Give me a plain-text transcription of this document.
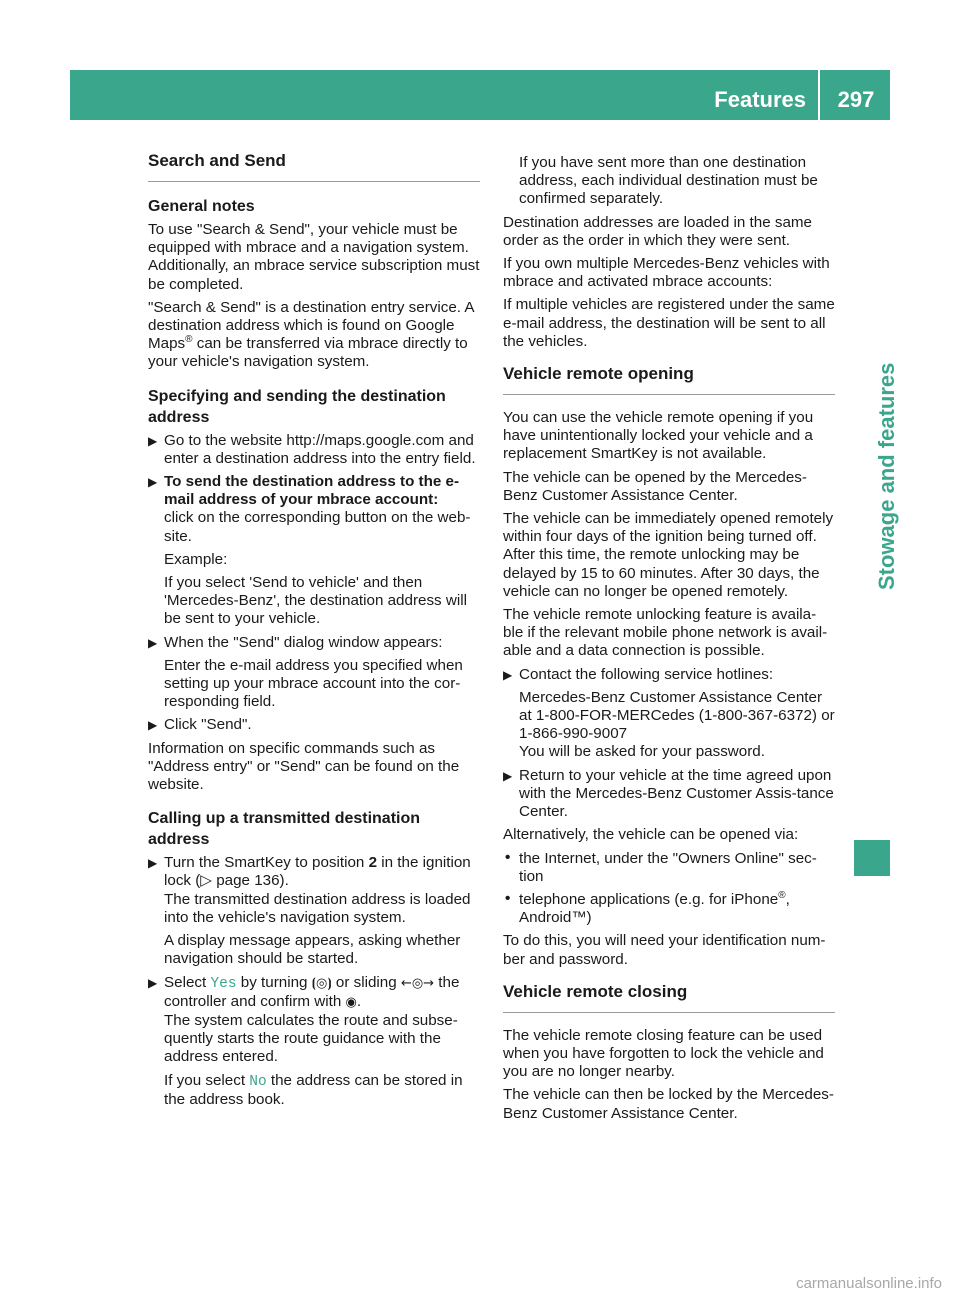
Features	297
Stowage and features
Search and Send
General notes

To use "Search & Send", your vehicle must be equipped with mbrace and a navigation system. Additionally, an mbrace service subscription must be completed.

"Search & Send" is a destination entry service. A destination address which is found on Google Maps® can be transferred via mbrace directly to your vehicle's navigation system.

Specifying and sending the destination address
▶ Go to the website http://maps.google.com and enter a destination address into the entry field.

▶ To send the destination address to the e-mail address of your mbrace account:

click on the corresponding button on the web-site.

Example:

If you select 'Send to vehicle' and then 'Mercedes-Benz', the destination address will be sent to your vehicle.

▶ When the "Send" dialog window appears:

Enter the e-mail address you specified when setting up your mbrace account into the cor-responding field.

▶ Click "Send".

Information on specific commands such as "Address entry" or "Send" can be found on the website.

Calling up a transmitted destination address
▶ Turn the SmartKey to position 2 in the ignition lock (▷ page 136).

The transmitted destination address is loaded into the vehicle's navigation system.

A display message appears, asking whether navigation should be started.

▶ Select Yes by turning ⦗◎⦘ or sliding ←◎→ the controller and confirm with ◉.

The system calculates the route and subse-quently starts the route guidance with the address entered.

If you select No the address can be stored in the address book.

If you have sent more than one destination address, each individual destination must be confirmed separately.

Destination addresses are loaded in the same order as the order in which they were sent.

If you own multiple Mercedes-Benz vehicles with mbrace and activated mbrace accounts:

If multiple vehicles are registered under the same e-mail address, the destination will be sent to all the vehicles.

Vehicle remote opening

You can use the vehicle remote opening if you have unintentionally locked your vehicle and a replacement SmartKey is not available.

The vehicle can be opened by the Mercedes-Benz Customer Assistance Center.

The vehicle can be immediately opened remotely within four days of the ignition being turned off. After this time, the remote unlocking may be delayed by 15 to 60 minutes. After 30 days, the vehicle can no longer be opened remotely.

The vehicle remote unlocking feature is availa-ble if the relevant mobile phone network is avail-able and a data connection is possible.

▶ Contact the following service hotlines:

Mercedes-Benz Customer Assistance Center at 1-800-FOR-MERCedes (1-800-367-6372) or 1-866-990-9007

You will be asked for your password.

▶ Return to your vehicle at the time agreed upon with the Mercedes-Benz Customer Assis-tance Center.

Alternatively, the vehicle can be opened via:

• the Internet, under the "Owners Online" sec-tion

• telephone applications (e.g. for iPhone®, Android™)

To do this, you will need your identification num-ber and password.

Vehicle remote closing

The vehicle remote closing feature can be used when you have forgotten to lock the vehicle and you are no longer nearby.

The vehicle can then be locked by the Mercedes-Benz Customer Assistance Center.

carmanualsonline.info
